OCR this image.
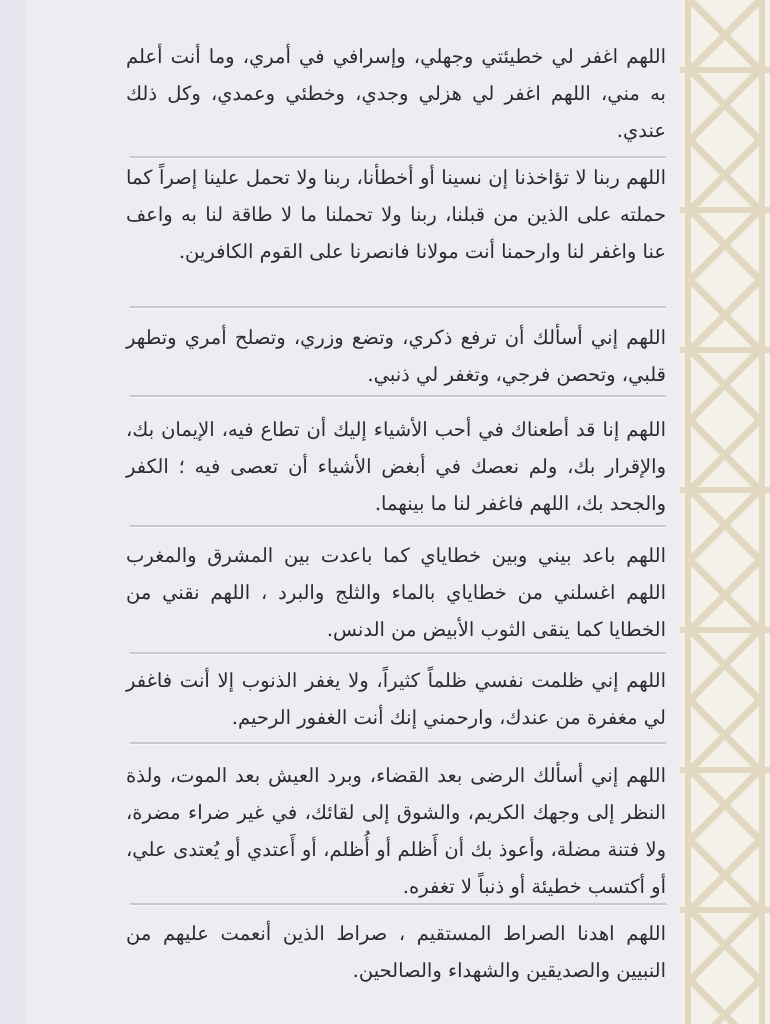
اللهم اغفر لي خطيئتي وجهلي، وإسرافي في أمري، وما أنت أعلم به مني، اللهم اغفر لي هزلي وجدي، وخطئي وعمدي، وكل ذلك عندي.

اللهم ربنا لا تؤاخذنا إن نسينا أو أخطأنا، ربنا ولا تحمل علينا إصراً كما حملته على الذين من قبلنا، ربنا ولا تحملنا ما لا طاقة لنا به واعف عنا واغفر لنا وارحمنا أنت مولانا فانصرنا على القوم الكافرين.

اللهم إني أسألك أن ترفع ذكري، وتضع وزري، وتصلح أمري وتطهر قلبي، وتحصن فرجي، وتغفر لي ذنبي.

اللهم إنا قد أطعناك في أحب الأشياء إليك أن تطاع فيه، الإيمان بك، والإقرار بك، ولم نعصك في أبغض الأشياء أن تعصى فيه ؛ الكفر والجحد بك، اللهم فاغفر لنا ما بينهما.

اللهم باعد بيني وبين خطاياي كما باعدت بين المشرق والمغرب اللهم اغسلني من خطاياي بالماء والثلج والبرد ، اللهم نقني من الخطايا كما ينقى الثوب الأبيض من الدنس.

اللهم إني ظلمت نفسي ظلماً كثيراً، ولا يغفر الذنوب إلا أنت فاغفر لي مغفرة من عندك، وارحمني إنك أنت الغفور الرحيم.

اللهم إني أسألك الرضى بعد القضاء، وبرد العيش بعد الموت، ولذة النظر إلى وجهك الكريم، والشوق إلى لقائك، في غير ضراء مضرة، ولا فتنة مضلة، وأعوذ بك أن أَظلم أو أُظلم، أو أَعتدي أو يُعتدى علي، أو أكتسب خطيئة أو ذنباً لا تغفره.

اللهم اهدنا الصراط المستقيم ، صراط الذين أنعمت عليهم من النبيين والصديقين والشهداء والصالحين.
